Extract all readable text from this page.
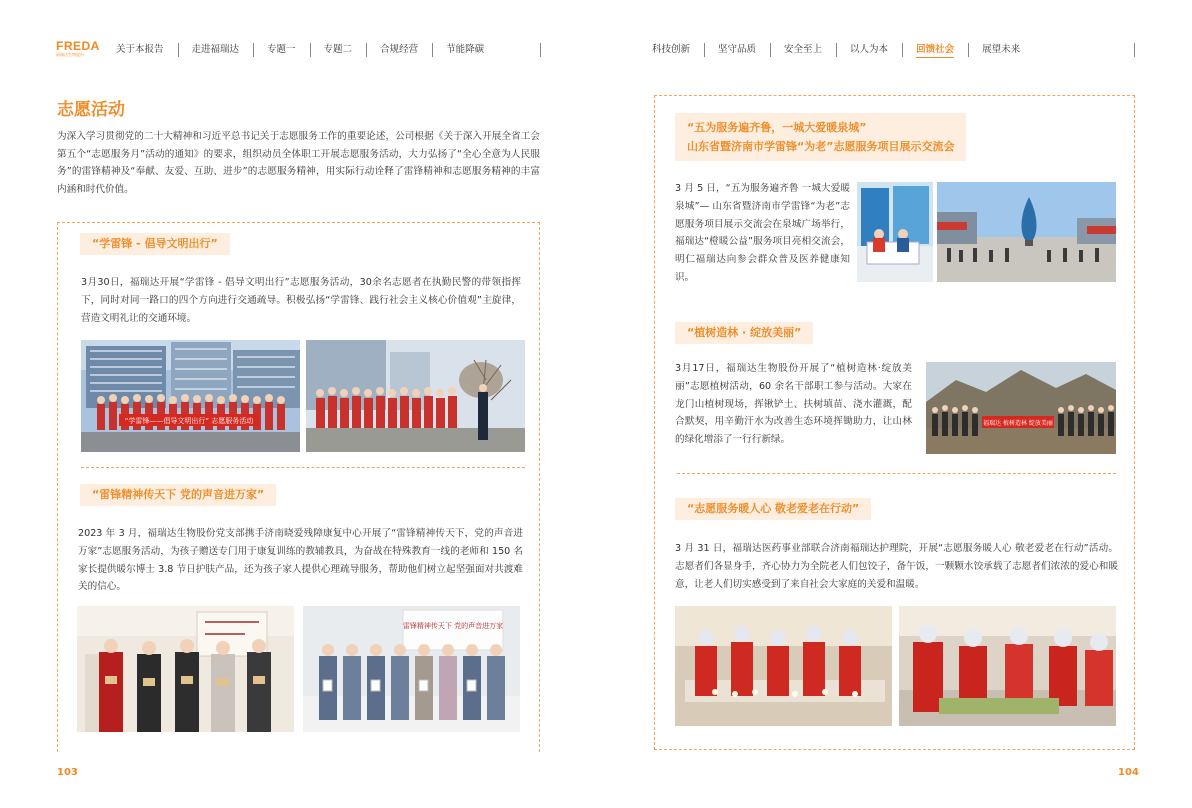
FREDA
福瑞达生物股份	关于本报告	走进福瑞达	专题一	专题二	合规经营	节能降碳	科技创新	坚守品质	安全至上	以人为本	回馈社会	展望未来
志愿活动
为深入学习贯彻党的二十大精神和习近平总书记关于志愿服务工作的重要论述，公司根据《关于深入开展全省工会第五个“志愿服务月”活动的通知》的要求，组织动员全体职工开展志愿服务活动，大力弘扬了“全心全意为人民服务”的雷锋精神及“奉献、友爱、互助、进步”的志愿服务精神，用实际行动诠释了雷锋精神和志愿服务精神的丰富内涵和时代价值。
“学雷锋 - 倡导文明出行”
3月30日，福瑞达开展“学雷锋 - 倡导文明出行”志愿服务活动，30余名志愿者在执勤民警的带领指挥下，同时对同一路口的四个方向进行交通疏导。积极弘扬“学雷锋、践行社会主义核心价值观”主旋律，营造文明礼让的交通环境。
“学雷锋——倡导文明出行” 志愿服务活动
“雷锋精神传天下 党的声音进万家”
2023 年 3 月，福瑞达生物股份党支部携手济南晓爱残障康复中心开展了“雷锋精神传天下，党的声音进万家”志愿服务活动，为孩子赠送专门用于康复训练的教辅教具，为奋战在特殊教育一线的老师和 150 名家长提供暖尔博士 3.8 节日护肤产品，还为孩子家人提供心理疏导服务，帮助他们树立起坚强面对共渡难关的信心。
雷锋精神传天下 党的声音进万家
103
“五为服务遍齐鲁，一城大爱暖泉城”
山东省暨济南市学雷锋“为老”志愿服务项目展示交流会
3 月 5 日，“五为服务遍齐鲁 一城大爱暖泉城”— 山东省暨济南市学雷锋“为老”志愿服务项目展示交流会在泉城广场举行，福瑞达“橙暖公益”服务项目亮相交流会，明仁福瑞达向参会群众普及医养健康知识。
“植树造林 · 绽放美丽”
3月17日，福瑞达生物股份开展了“植树造林·绽放美丽”志愿植树活动，60 余名干部职工参与活动。大家在龙门山植树现场，挥锹铲土、扶树填苗、浇水灌溉，配合默契，用辛勤汗水为改善生态环境挥锄助力，让山林的绿化增添了一行行新绿。
福瑞达 植树造林 绽放美丽
“志愿服务暖人心 敬老爱老在行动”
3 月 31 日，福瑞达医药事业部联合济南福瑞达护理院，开展“志愿服务暖人心 敬老爱老在行动”活动。志愿者们各显身手，齐心协力为全院老人们包饺子，备午饭，一颗颗水饺承载了志愿者们浓浓的爱心和暖意，让老人们切实感受到了来自社会大家庭的关爱和温暖。
104
